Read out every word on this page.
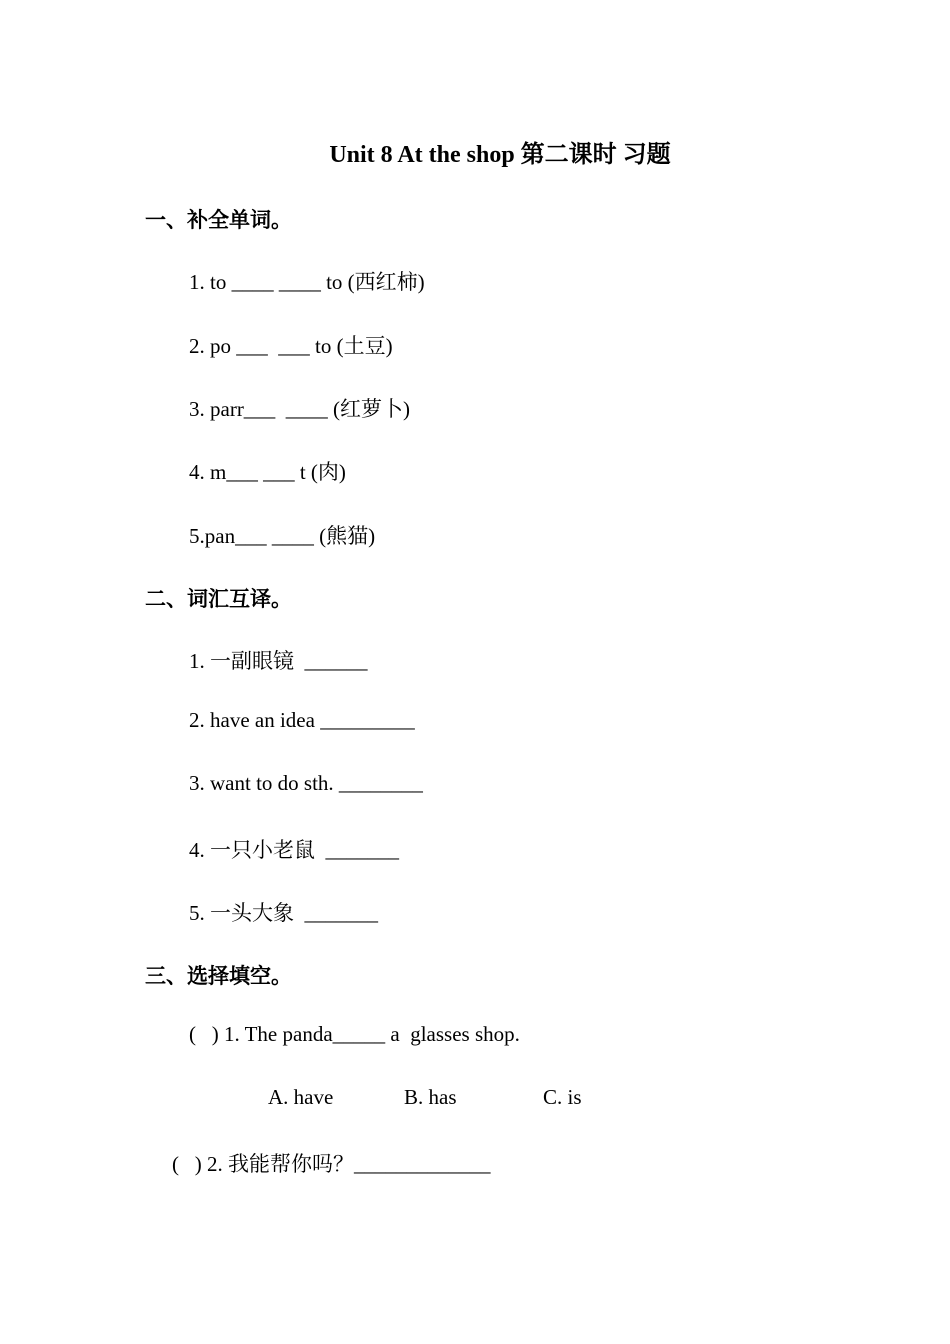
Unit 8 At the shop 第二课时 习题
一、补全单词。
1. to ____ ____ to (西红柿)
2. po ___  ___ to (土豆)
3. parr___  ____ (红萝卜)
4. m___ ___ t (肉)
5.pan___ ____ (熊猫)
二、词汇互译。
1. 一副眼镜  ______
2. have an idea _________
3. want to do sth. ________
4. 一只小老鼠  _______
5. 一头大象  _______
三、选择填空。
(   ) 1. The panda_____ a  glasses shop.
A. have	B. has	C. is
(   ) 2. 我能帮你吗？_____________
